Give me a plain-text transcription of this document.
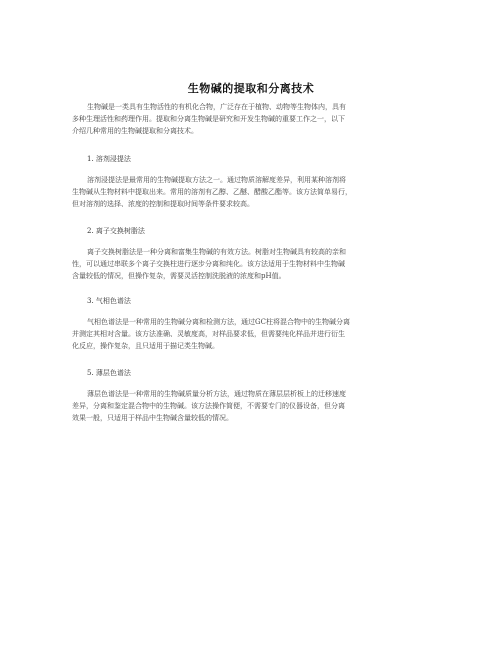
生物碱的提取和分离技术
生物碱是一类具有生物活性的有机化合物，广泛存在于植物、动物等生物体内，具有
多种生理活性和药理作用。提取和分离生物碱是研究和开发生物碱的重要工作之一，以下
介绍几种常用的生物碱提取和分离技术。
1. 溶剂浸提法
溶剂浸提法是最常用的生物碱提取方法之一。通过物质溶解度差异，利用某种溶剂将
生物碱从生物材料中提取出来。常用的溶剂有乙醇、乙醚、醋酸乙酯等。该方法简单易行，
但对溶剂的选择、浓度的控制和提取时间等条件要求较高。
2. 离子交换树脂法
离子交换树脂法是一种分离和富集生物碱的有效方法。树脂对生物碱具有较高的亲和
性，可以通过串联多个离子交换柱进行逐步分离和纯化。该方法适用于生物材料中生物碱
含量较低的情况，但操作复杂，需要灵活控制洗脱液的浓度和pH值。
3. 气相色谱法
气相色谱法是一种常用的生物碱分离和检测方法，通过GC柱将混合物中的生物碱分离
并测定其相对含量。该方法准确、灵敏度高，对样品要求低，但需要纯化样品并进行衍生
化反应，操作复杂，且只适用于描记类生物碱。
5. 薄层色谱法
薄层色谱法是一种常用的生物碱质量分析方法，通过物质在薄层层析板上的迁移速度
差异，分离和鉴定混合物中的生物碱。该方法操作简便，不需要专门的仪器设备，但分离
效果一般，只适用于样品中生物碱含量较低的情况。
